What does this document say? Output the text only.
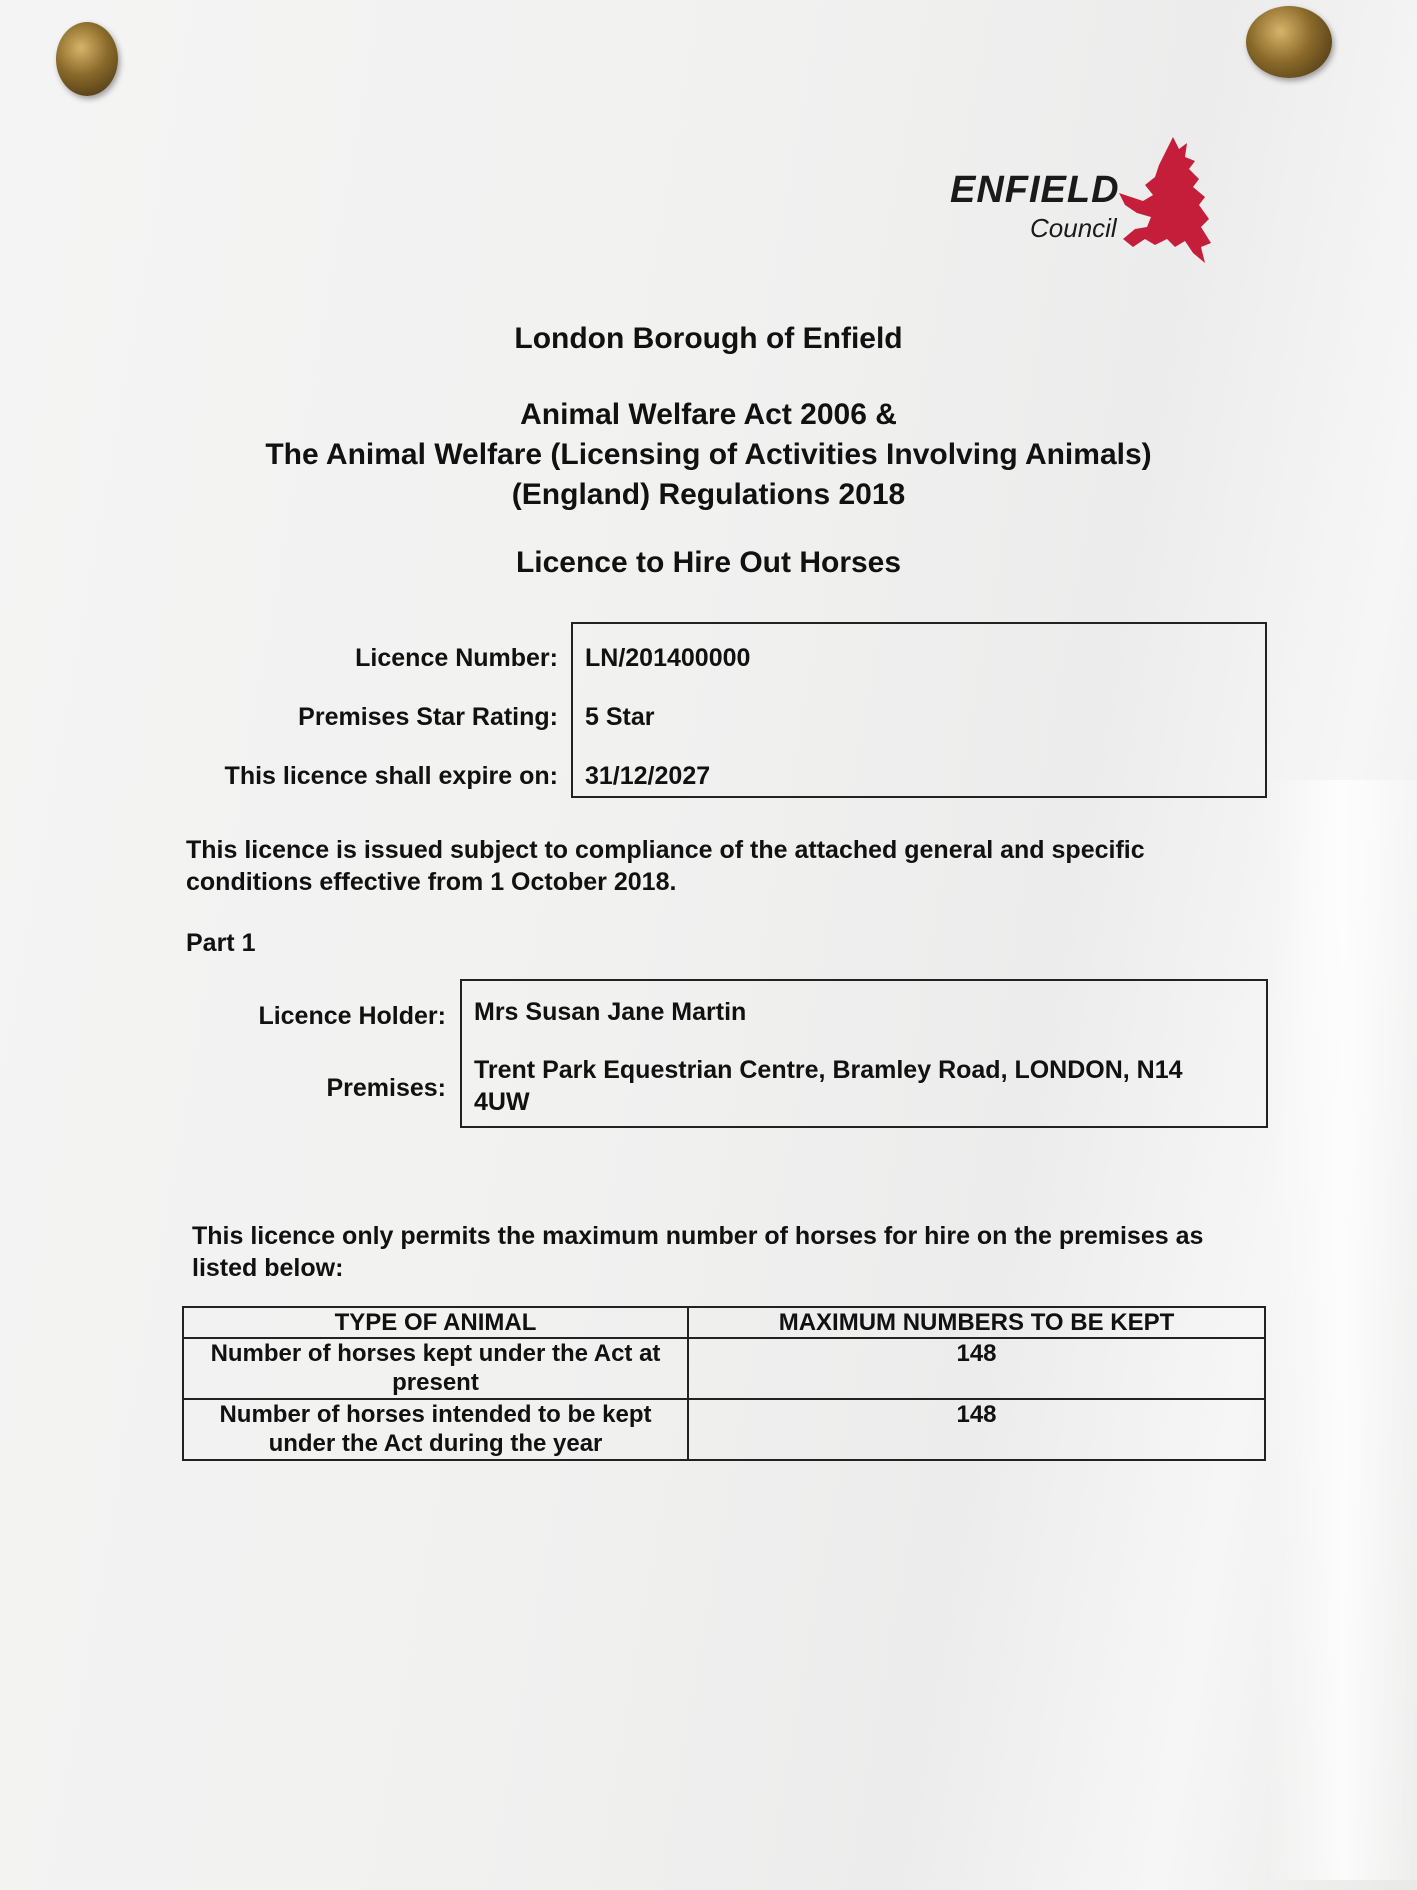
ENFIELD
Council
London Borough of Enfield
Animal Welfare Act 2006 &
The Animal Welfare (Licensing of Activities Involving Animals)
(England) Regulations 2018
Licence to Hire Out Horses
Licence Number: LN/201400000
Premises Star Rating: 5 Star
This licence shall expire on: 31/12/2027
This licence is issued subject to compliance of the attached general and specific
conditions effective from 1 October 2018.
Part 1
Licence Holder: Mrs Susan Jane Martin
Premises:
Trent Park Equestrian Centre, Bramley Road, LONDON, N14
4UW
This licence only permits the maximum number of horses for hire on the premises as
listed below:
TYPE OF ANIMAL	MAXIMUM NUMBERS TO BE KEPT
Number of horses kept under the Act at present	148
Number of horses intended to be kept under the Act during the year	148
